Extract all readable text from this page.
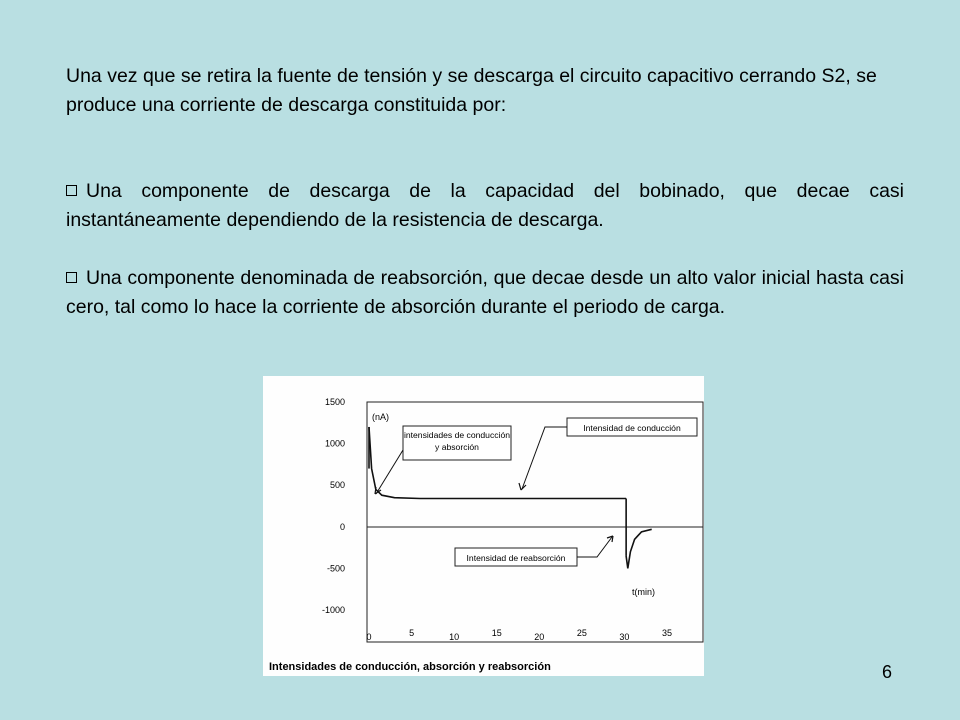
Una vez que se retira la fuente de tensión y se descarga el circuito capacitivo cerrando S2, se produce una corriente de descarga constituida por:

Una componente de descarga de la capacidad del bobinado, que decae casi instantáneamente dependiendo de la resistencia de descarga.

Una componente denominada de reabsorción, que decae desde un alto valor inicial hasta casi cero, tal como lo hace la corriente de absorción durante el periodo de carga.

1500
1000
500
0
-500
-1000
0	5	10	15	20	25	30	35
intensidades de conducción y absorción
Intensidad de conducción
Intensidad de reabsorción
(nA)
t(min)
Intensidades de conducción, absorción y reabsorción	6
